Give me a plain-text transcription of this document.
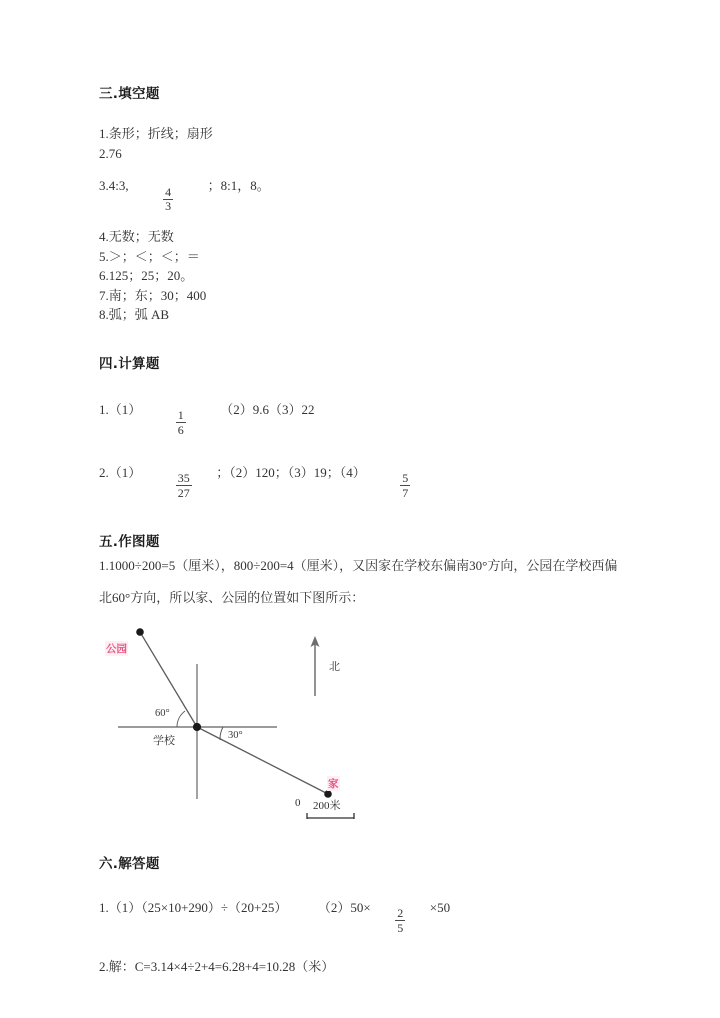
三.填空题
1.条形；折线；扇形
2.76
3.4:3,
$\frac{4}{3}$
；8:1，8。
4.无数；无数
5.＞；＜；＜；＝
6.125；25；20。
7.南；东；30；400
8.弧；弧 AB
四.计算题
1.（1）
$\frac{1}{6}$
（2）9.6（3）22
2.（1）
$\frac{35}{27}$
；（2）120；（3）19；（4）
$\frac{5}{7}$
五.作图题
1.1000÷200=5（厘米），800÷200=4（厘米），又因家在学校东偏南30°方向，公园在学校西偏北60°方向，所以家、公园的位置如下图所示：
公园
家
学校
北
60°
30°
0 200米
六.解答题
1.（1）（25×10+290）÷（20+25） （2）50×
$\frac{2}{5}$
×50
2.解：C=3.14×4÷2+4=6.28+4=10.28（米）
